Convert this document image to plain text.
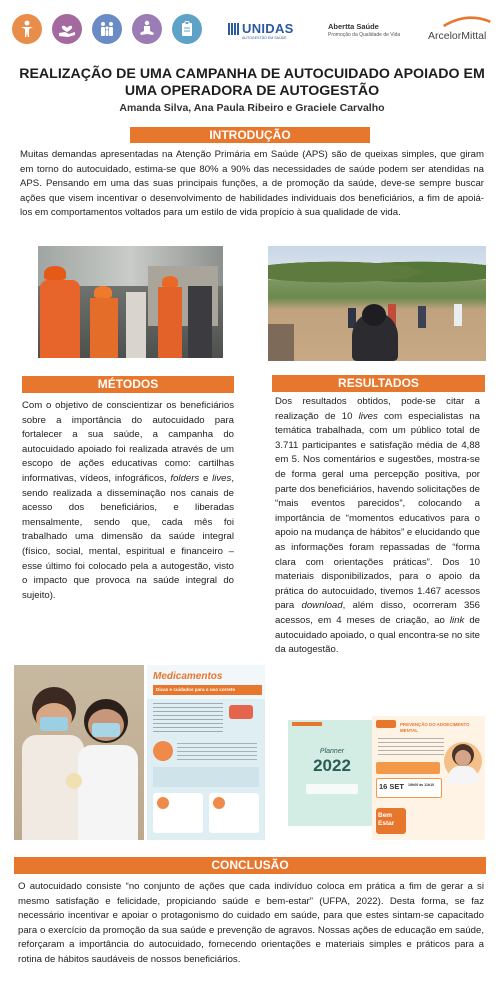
UNIDAS
AUTOGESTÃO EM SAÚDE
Abertta Saúde
Promoção da Qualidade de Vida	ArcelorMittal
REALIZAÇÃO DE UMA CAMPANHA DE AUTOCUIDADO APOIADO EM UMA OPERADORA DE AUTOGESTÃO
Amanda Silva, Ana Paula Ribeiro e Graciele Carvalho
INTRODUÇÃO
Muitas demandas apresentadas na Atenção Primária em Saúde (APS) são de queixas simples, que giram em torno do autocuidado, estima-se que 80% a 90% das necessidades de saúde podem ser atendidas na APS. Pensando em uma das suas principais funções, a de promoção da saúde, deve-se sempre buscar ações que visem incentivar o desenvolvimento de habilidades individuais dos beneficiários, a fim de apoiá-los em comportamentos voltados para um estilo de vida propício à sua qualidade de vida.
MÉTODOS
Com o objetivo de conscientizar os beneficiários sobre a importância do autocuidado para fortalecer a sua saúde, a campanha do autocuidado apoiado foi realizada através de um escopo de ações educativas como: cartilhas informativas, vídeos, infográficos, folders e lives, sendo realizada a disseminação nos canais de acesso dos beneficiários, e liberadas mensalmente, sendo que, cada mês foi trabalhado uma dimensão da saúde integral (físico, social, mental, espiritual e financeiro – esse último foi colocado pela a autogestão, visto o impacto que provoca na saúde integral do sujeito).
RESULTADOS
Dos resultados obtidos, pode-se citar a realização de 10 lives com especialistas na temática trabalhada, com um público total de 3.711 participantes e satisfação média de 4,88 em 5. Nos comentários e sugestões, mostra-se de forma geral uma percepção positiva, por parte dos beneficiários, havendo solicitações de “mais eventos parecidos”, colocando a importância de “momentos educativos para o apoio na mudança de hábitos” e elucidando que as informações foram repassadas de “forma clara com orientações práticas”. Dos 10 materiais disponibilizados, para o apoio da prática do autocuidado, tivemos 1.467 acessos para download, além disso, ocorreram 356 acessos, em 4 meses de criação, ao link de autocuidado apoiado, o qual encontra-se no site da autogestão.
Medicamentos
Dicas e cuidados para o uso correto
Planner
2022
PREVENÇÃO DO ADOECIMENTO MENTAL
16 SET 19h00 às 11h10
Bem Estar
CONCLUSÃO
O autocuidado consiste “no conjunto de ações que cada indivíduo coloca em prática a fim de gerar a si mesmo satisfação e felicidade, propiciando saúde e bem-estar” (UFPA, 2022). Desta forma, se faz necessário incentivar e apoiar o protagonismo do cuidado em saúde, para que estes sintam-se capacitado para o exercício da promoção da sua saúde e prevenção de agravos. Nossas ações de educação em saúde, reforçaram a importância do autocuidado, fornecendo orientações e materiais simples e práticos para a rotina de hábitos saudáveis de nossos beneficiários.
